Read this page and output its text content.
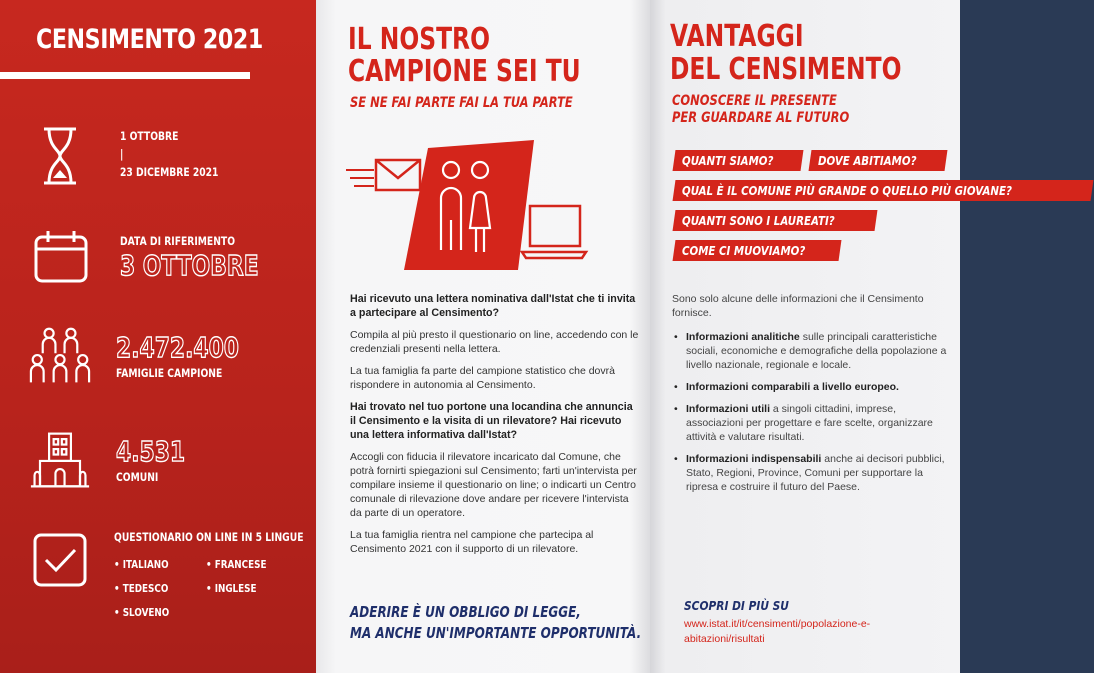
CENSIMENTO 2021
1 OTTOBRE
|
23 DICEMBRE 2021
DATA DI RIFERIMENTO
3 OTTOBRE
2.472.400
FAMIGLIE CAMPIONE
4.531
COMUNI
QUESTIONARIO ON LINE IN 5 LINGUE
• ITALIANO	• FRANCESE
• TEDESCO	• INGLESE
• SLOVENO
IL NOSTRO
CAMPIONE SEI TU
SE NE FAI PARTE FAI LA TUA PARTE

Hai ricevuto una lettera nominativa dall'Istat che ti invita a partecipare al Censimento?

Compila al più presto il questionario on line, accedendo con le credenziali presenti nella lettera.

La tua famiglia fa parte del campione statistico che dovrà rispondere in autonomia al Censimento.

Hai trovato nel tuo portone una locandina che annuncia il Censimento e la visita di un rilevatore? Hai ricevuto una lettera informativa dall'Istat?

Accogli con fiducia il rilevatore incaricato dal Comune, che potrà fornirti spiegazioni sul Censimento; farti un'intervista per compilare insieme il questionario on line; o indicarti un Centro comunale di rilevazione dove andare per ricevere l'intervista da parte di un operatore.

La tua famiglia rientra nel campione che partecipa al Censimento 2021 con il supporto di un rilevatore.

ADERIRE È UN OBBLIGO DI LEGGE,
MA ANCHE UN'IMPORTANTE OPPORTUNITÀ.
VANTAGGI
DEL CENSIMENTO
CONOSCERE IL PRESENTE
PER GUARDARE AL FUTURO
QUANTI SIAMO?	DOVE ABITIAMO?
QUAL È IL COMUNE PIÙ GRANDE O QUELLO PIÙ GIOVANE?
QUANTI SONO I LAUREATI?
COME CI MUOVIAMO?

Sono solo alcune delle informazioni che il Censimento fornisce.

• Informazioni analitiche sulle principali caratteristiche sociali, economiche e demografiche della popolazione a livello nazionale, regionale e locale.
• Informazioni comparabili a livello europeo.
• Informazioni utili a singoli cittadini, imprese, associazioni per progettare e fare scelte, organizzare attività e valutare risultati.
• Informazioni indispensabili anche ai decisori pubblici, Stato, Regioni, Province, Comuni per supportare la ripresa e costruire il futuro del Paese.
SCOPRI DI PIÙ SU
www.istat.it/it/censimenti/popolazione-e-abitazioni/risultati
